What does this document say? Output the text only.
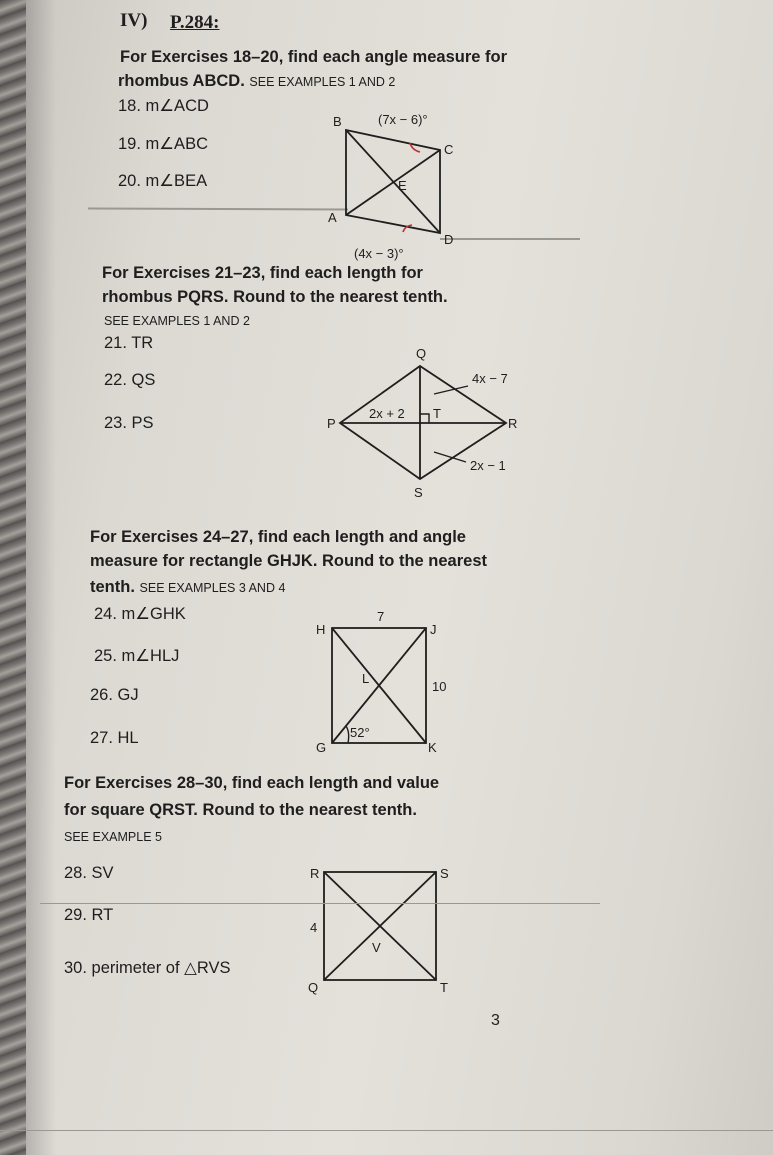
IV) P.284:
For Exercises 18–20, find each angle measure for
rhombus ABCD. SEE EXAMPLES 1 AND 2
18. m∠ACD
19. m∠ABC
20. m∠BEA
B
C
E
A
D
(7x − 6)°
(4x − 3)°
Q
P
T
R
S
4x − 7
2x + 2
2x − 1
H	J
7
10
L
G	K
52°
R	S
4
V
Q	T
For Exercises 21–23, find each length for
rhombus PQRS. Round to the nearest tenth.
SEE EXAMPLES 1 AND 2
21. TR
22. QS
23. PS
For Exercises 24–27, find each length and angle
measure for rectangle GHJK. Round to the nearest
tenth. SEE EXAMPLES 3 AND 4
24. m∠GHK
25. m∠HLJ
26. GJ
27. HL
For Exercises 28–30, find each length and value
for square QRST. Round to the nearest tenth.
SEE EXAMPLE 5
28. SV
29. RT
30. perimeter of △RVS
3
